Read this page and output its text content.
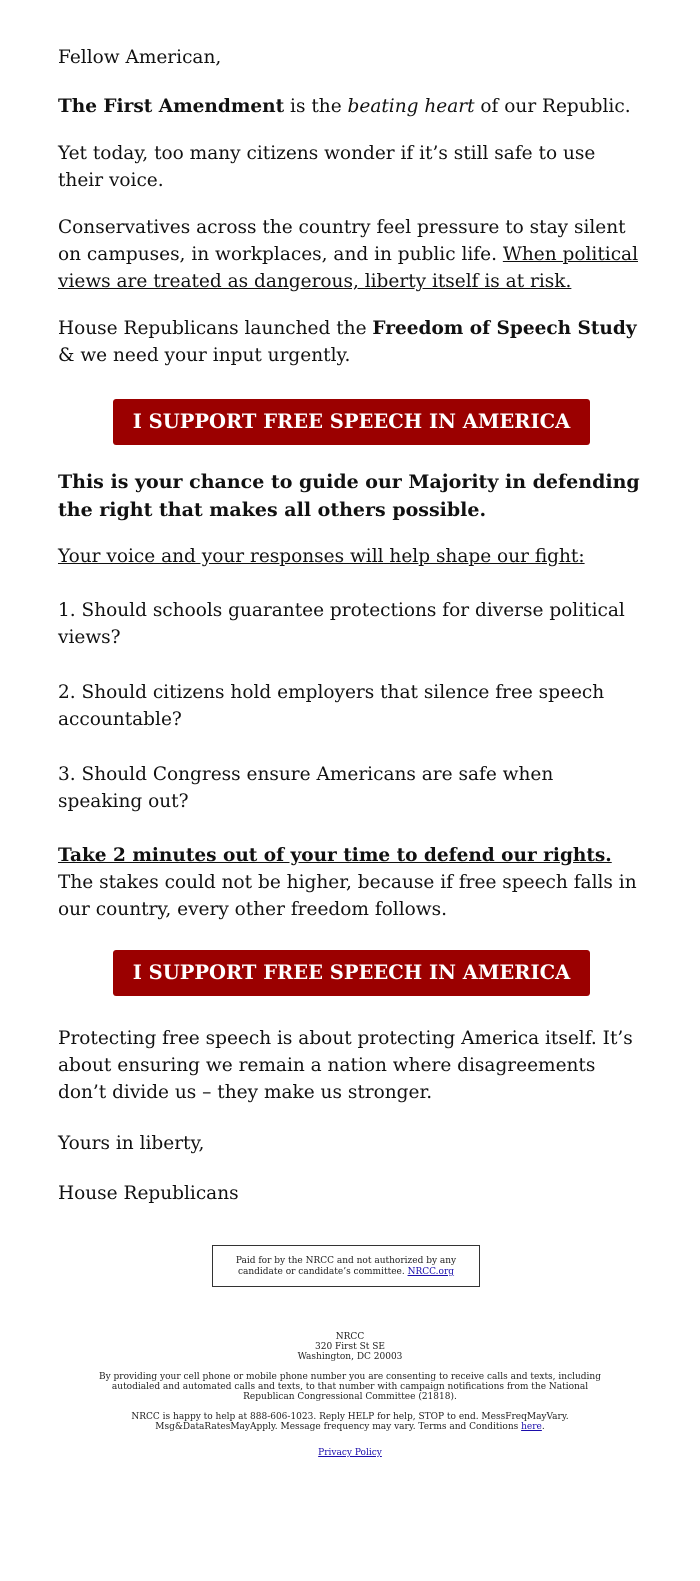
Fellow American,

The First Amendment is the beating heart of our Republic.

Yet today, too many citizens wonder if it’s still safe to use their voice.

Conservatives across the country feel pressure to stay silent on campuses, in workplaces, and in public life. When political views are treated as dangerous, liberty itself is at risk.

House Republicans launched the Freedom of Speech Study & we need your input urgently.

I SUPPORT FREE SPEECH IN AMERICA

This is your chance to guide our Majority in defending the right that makes all others possible.

Your voice and your responses will help shape our fight:

1. Should schools guarantee protections for diverse political views?

2. Should citizens hold employers that silence free speech accountable?

3. Should Congress ensure Americans are safe when speaking out?

Take 2 minutes out of your time to defend our rights. The stakes could not be higher, because if free speech falls in our country, every other freedom follows.

I SUPPORT FREE SPEECH IN AMERICA

Protecting free speech is about protecting America itself. It’s about ensuring we remain a nation where disagreements don’t divide us – they make us stronger.

Yours in liberty,

House Republicans

Paid for by the NRCC and not authorized by any candidate or candidate’s committee. NRCC.org
NRCC
320 First St SE
Washington, DC 20003
By providing your cell phone or mobile phone number you are consenting to receive calls and texts, including autodialed and automated calls and texts, to that number with campaign notifications from the National Republican Congressional Committee (21818).
NRCC is happy to help at 888-606-1023. Reply HELP for help, STOP to end. MessFreqMayVary. Msg&DataRatesMayApply. Message frequency may vary. Terms and Conditions here.
Privacy Policy
